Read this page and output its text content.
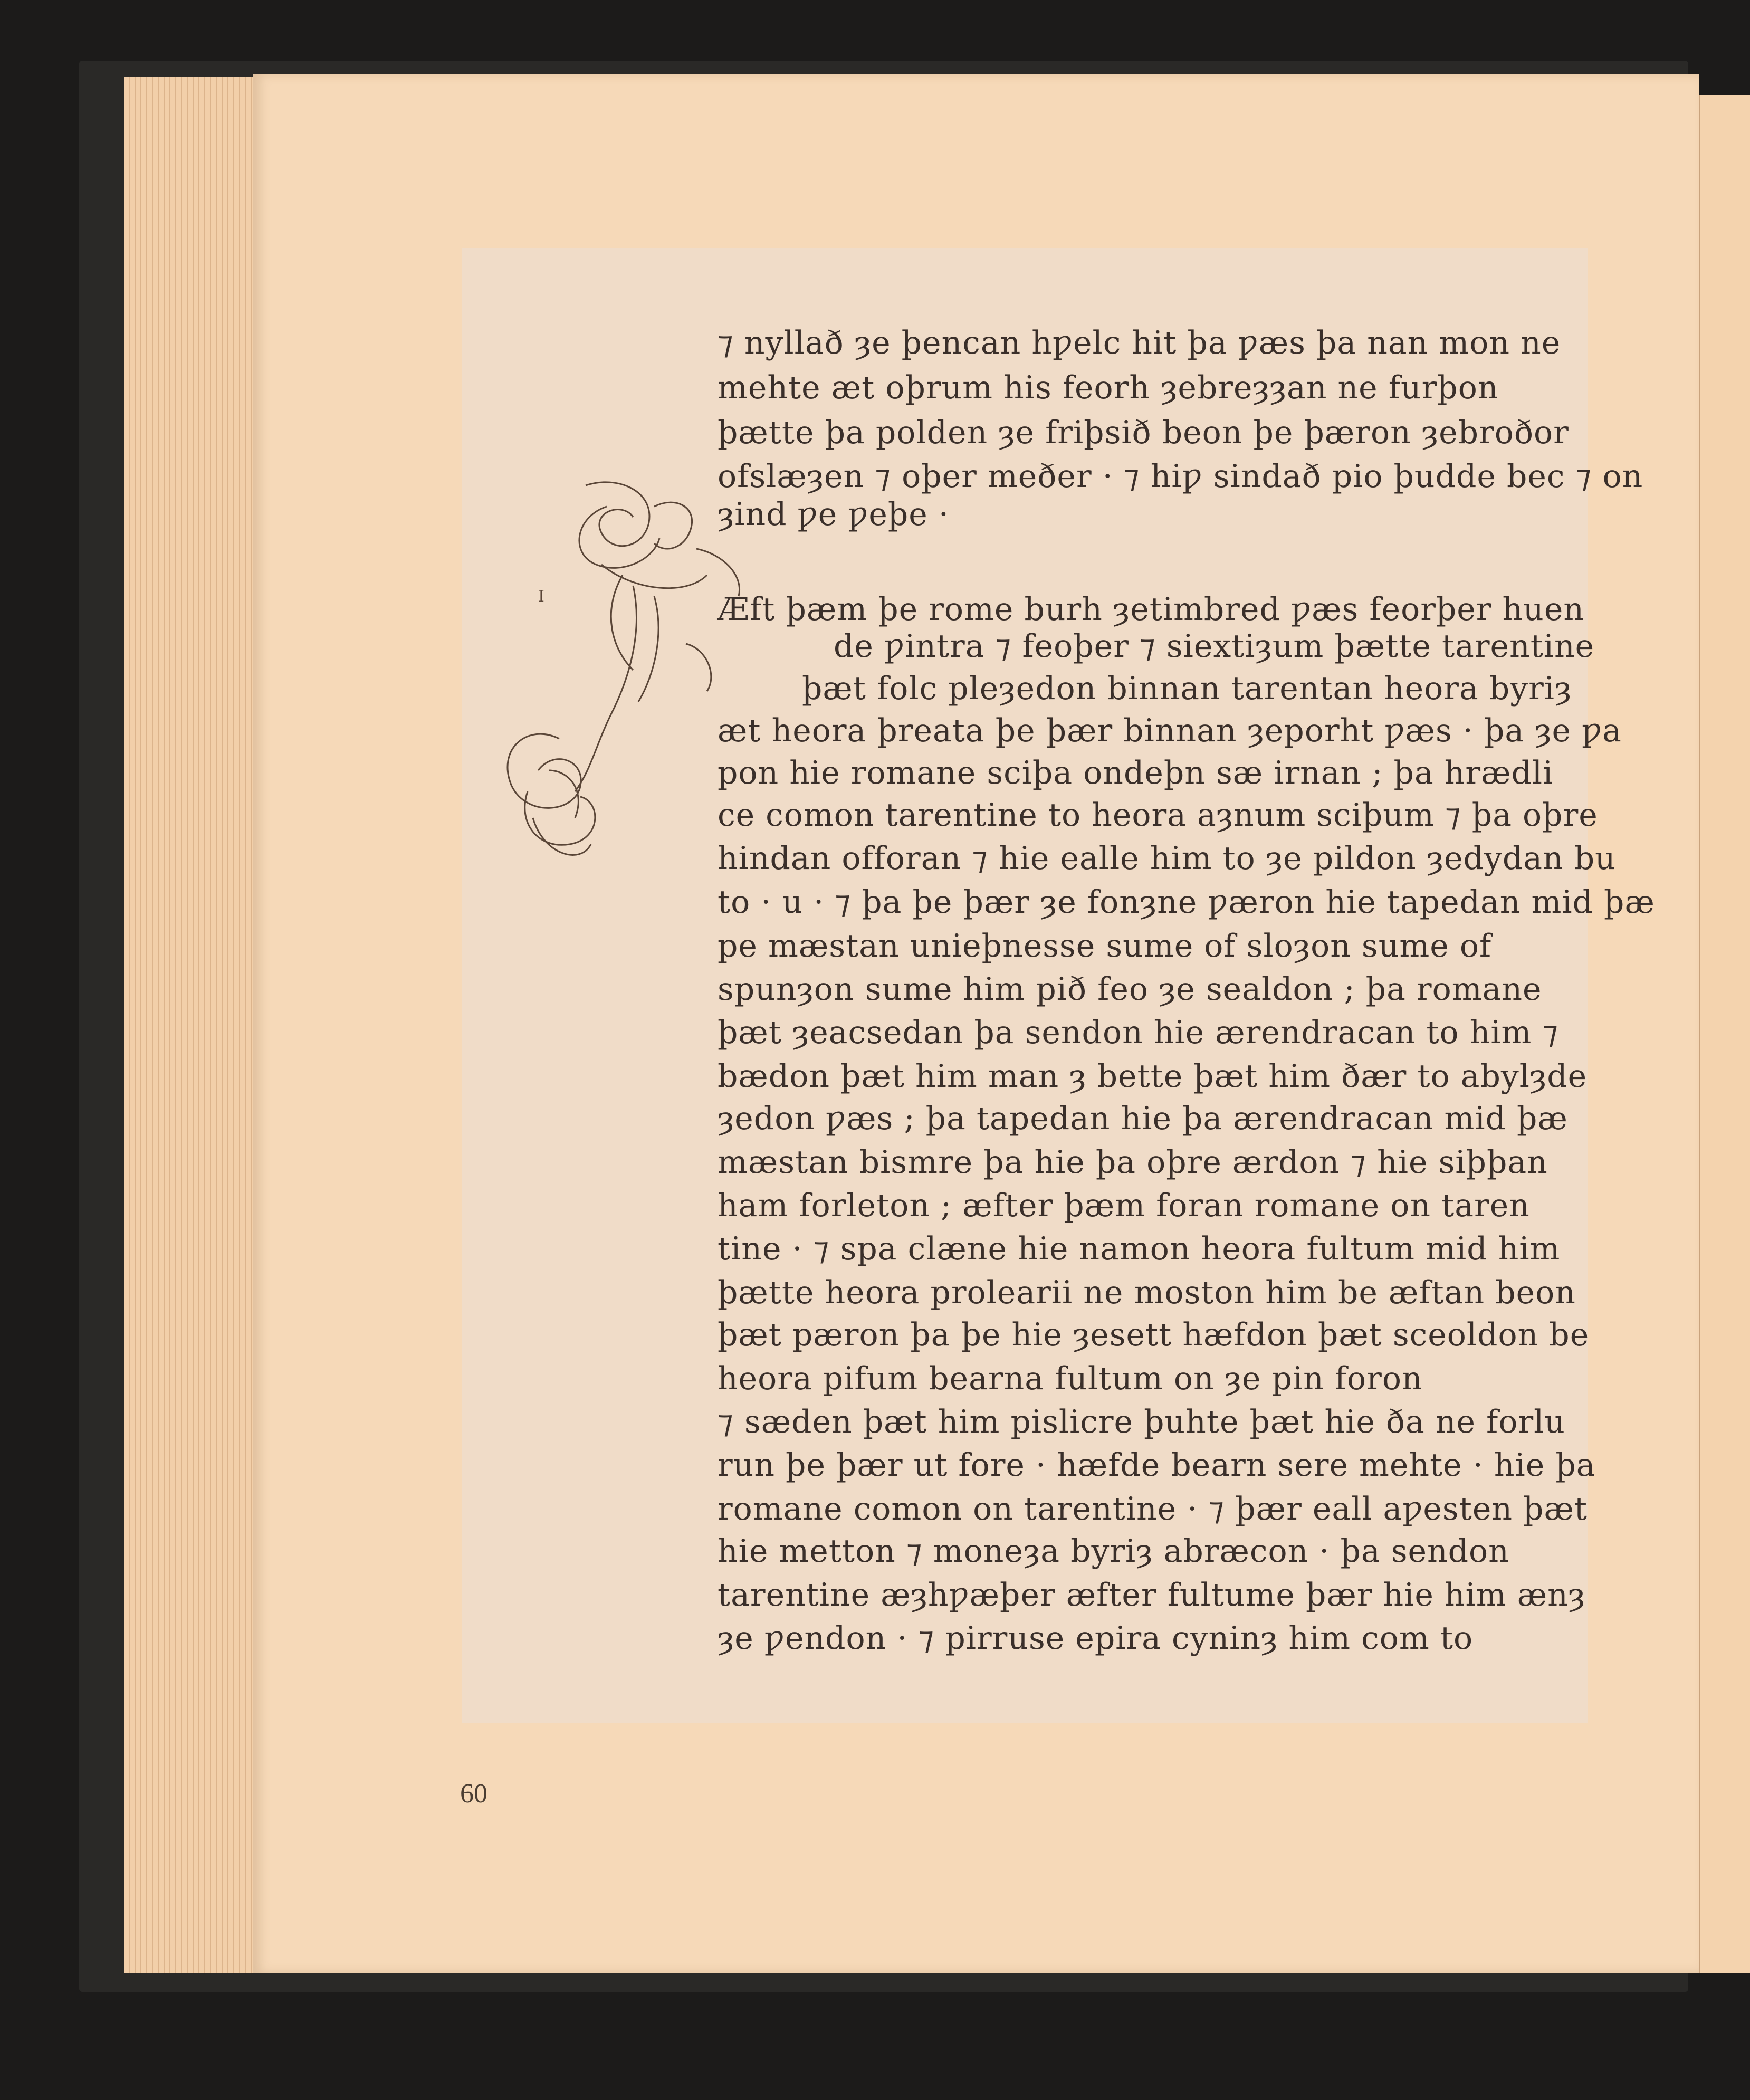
I
⁊ nyllað ȝe þencan hƿelc hit þa ƿæs þa nan mon ne
mehte æt oþrum his feorh ȝebreȝȝan ne furþon
þætte þa polden ȝe friþsið beon þe þæron ȝebroðor
ofslæȝen ⁊ oþer meðer · ⁊ hiƿ sindað pio þudde bec ⁊ on
ȝind ƿe ƿeþe ·
Æft þæm þe rome burh ȝetimbred ƿæs feorþer huen
de ƿintra ⁊ feoþer ⁊ siextiȝum þætte tarentine
þæt folc pleȝedon binnan tarentan heora byriȝ
æt heora þreata þe þær binnan ȝeporht ƿæs · þa ȝe ƿa
pon hie romane sciþa ondeþn sæ irnan ; þa hrædli
ce comon tarentine to heora aȝnum sciþum ⁊ þa oþre
hindan offoran ⁊ hie ealle him to ȝe pildon ȝedydan bu
to · u · ⁊ þa þe þær ȝe fonȝne ƿæron hie tapedan mid þæ
pe mæstan unieþnesse sume of sloȝon sume of
spunȝon sume him pið feo ȝe sealdon ; þa romane
þæt ȝeacsedan þa sendon hie ærendracan to him ⁊
bædon þæt him man ȝ bette þæt him ðær to abylȝde
ȝedon ƿæs ; þa tapedan hie þa ærendracan mid þæ
mæstan bismre þa hie þa oþre ærdon ⁊ hie siþþan
ham forleton ; æfter þæm foran romane on taren
tine · ⁊ spa clæne hie namon heora fultum mid him
þætte heora prolearii ne moston him be æftan beon
þæt pæron þa þe hie ȝesett hæfdon þæt sceoldon be
heora pifum bearna fultum on ȝe pin foron
⁊ sæden þæt him pislicre þuhte þæt hie ða ne forlu
run þe þær ut fore · hæfde bearn sere mehte · hie þa
romane comon on tarentine · ⁊ þær eall aƿesten þæt
hie metton ⁊ moneȝa byriȝ abræcon · þa sendon
tarentine æȝhƿæþer æfter fultume þær hie him ænȝ
ȝe ƿendon · ⁊ pirruse epira cyninȝ him com to
60
